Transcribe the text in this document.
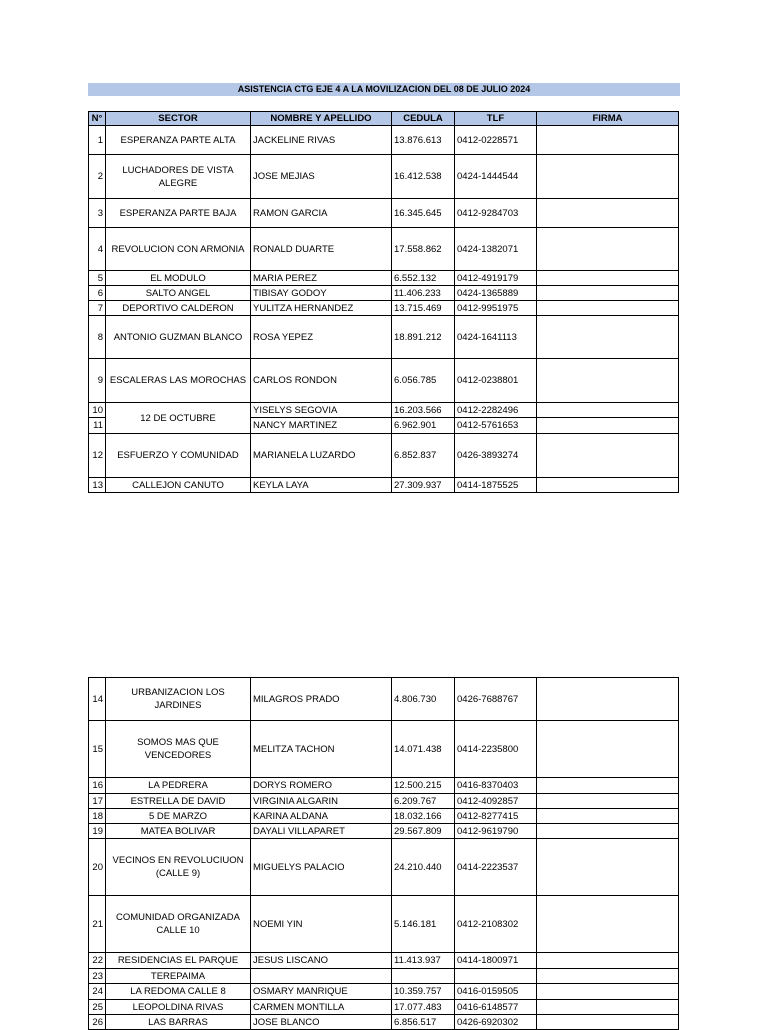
ASISTENCIA CTG EJE 4 A LA MOVILIZACION DEL 08 DE JULIO 2024
N°	SECTOR	NOMBRE Y APELLIDO	CEDULA	TLF	FIRMA
1	ESPERANZA PARTE ALTA	JACKELINE RIVAS	13.876.613	0412-0228571	
2	LUCHADORES DE VISTA ALEGRE	JOSE MEJIAS	16.412.538	0424-1444544	
3	ESPERANZA PARTE BAJA	RAMON GARCIA	16.345.645	0412-9284703	
4	REVOLUCION CON ARMONIA	RONALD DUARTE	17.558.862	0424-1382071	
5	EL MODULO	MARIA PEREZ	6.552.132	0412-4919179	
6	SALTO ANGEL	TIBISAY GODOY	11.406.233	0424-1365889	
7	DEPORTIVO CALDERON	YULITZA HERNANDEZ	13.715.469	0412-9951975	
8	ANTONIO GUZMAN BLANCO	ROSA YEPEZ	18.891.212	0424-1641113	
9	ESCALERAS LAS MOROCHAS	CARLOS RONDON	6.056.785	0412-0238801	
10	12 DE OCTUBRE	YISELYS SEGOVIA	16.203.566	0412-2282496	
11		NANCY MARTINEZ	6.962.901	0412-5761653	
12	ESFUERZO Y COMUNIDAD	MARIANELA LUZARDO	6.852.837	0426-3893274	
13	CALLEJON CANUTO	KEYLA LAYA	27.309.937	0414-1875525	
14	URBANIZACION LOS JARDINES	MILAGROS PRADO	4.806.730	0426-7688767	
15	SOMOS MAS QUE VENCEDORES	MELITZA TACHON	14.071.438	0414-2235800	
16	LA PEDRERA	DORYS ROMERO	12.500.215	0416-8370403	
17	ESTRELLA DE DAVID	VIRGINIA ALGARIN	6.209.767	0412-4092857	
18	5 DE MARZO	KARINA ALDANA	18.032.166	0412-8277415	
19	MATEA BOLIVAR	DAYALI VILLAPARET	29.567.809	0412-9619790	
20	VECINOS EN REVOLUCIUON (CALLE 9)	MIGUELYS PALACIO	24.210.440	0414-2223537	
21	COMUNIDAD ORGANIZADA CALLE 10	NOEMI YIN	5.146.181	0412-2108302	
22	RESIDENCIAS EL PARQUE	JESUS LISCANO	11.413.937	0414-1800971	
23	TEREPAIMA				
24	LA REDOMA CALLE 8	OSMARY MANRIQUE	10.359.757	0416-0159505	
25	LEOPOLDINA RIVAS	CARMEN MONTILLA	17.077.483	0416-6148577	
26	LAS BARRAS	JOSE BLANCO	6.856.517	0426-6920302	
